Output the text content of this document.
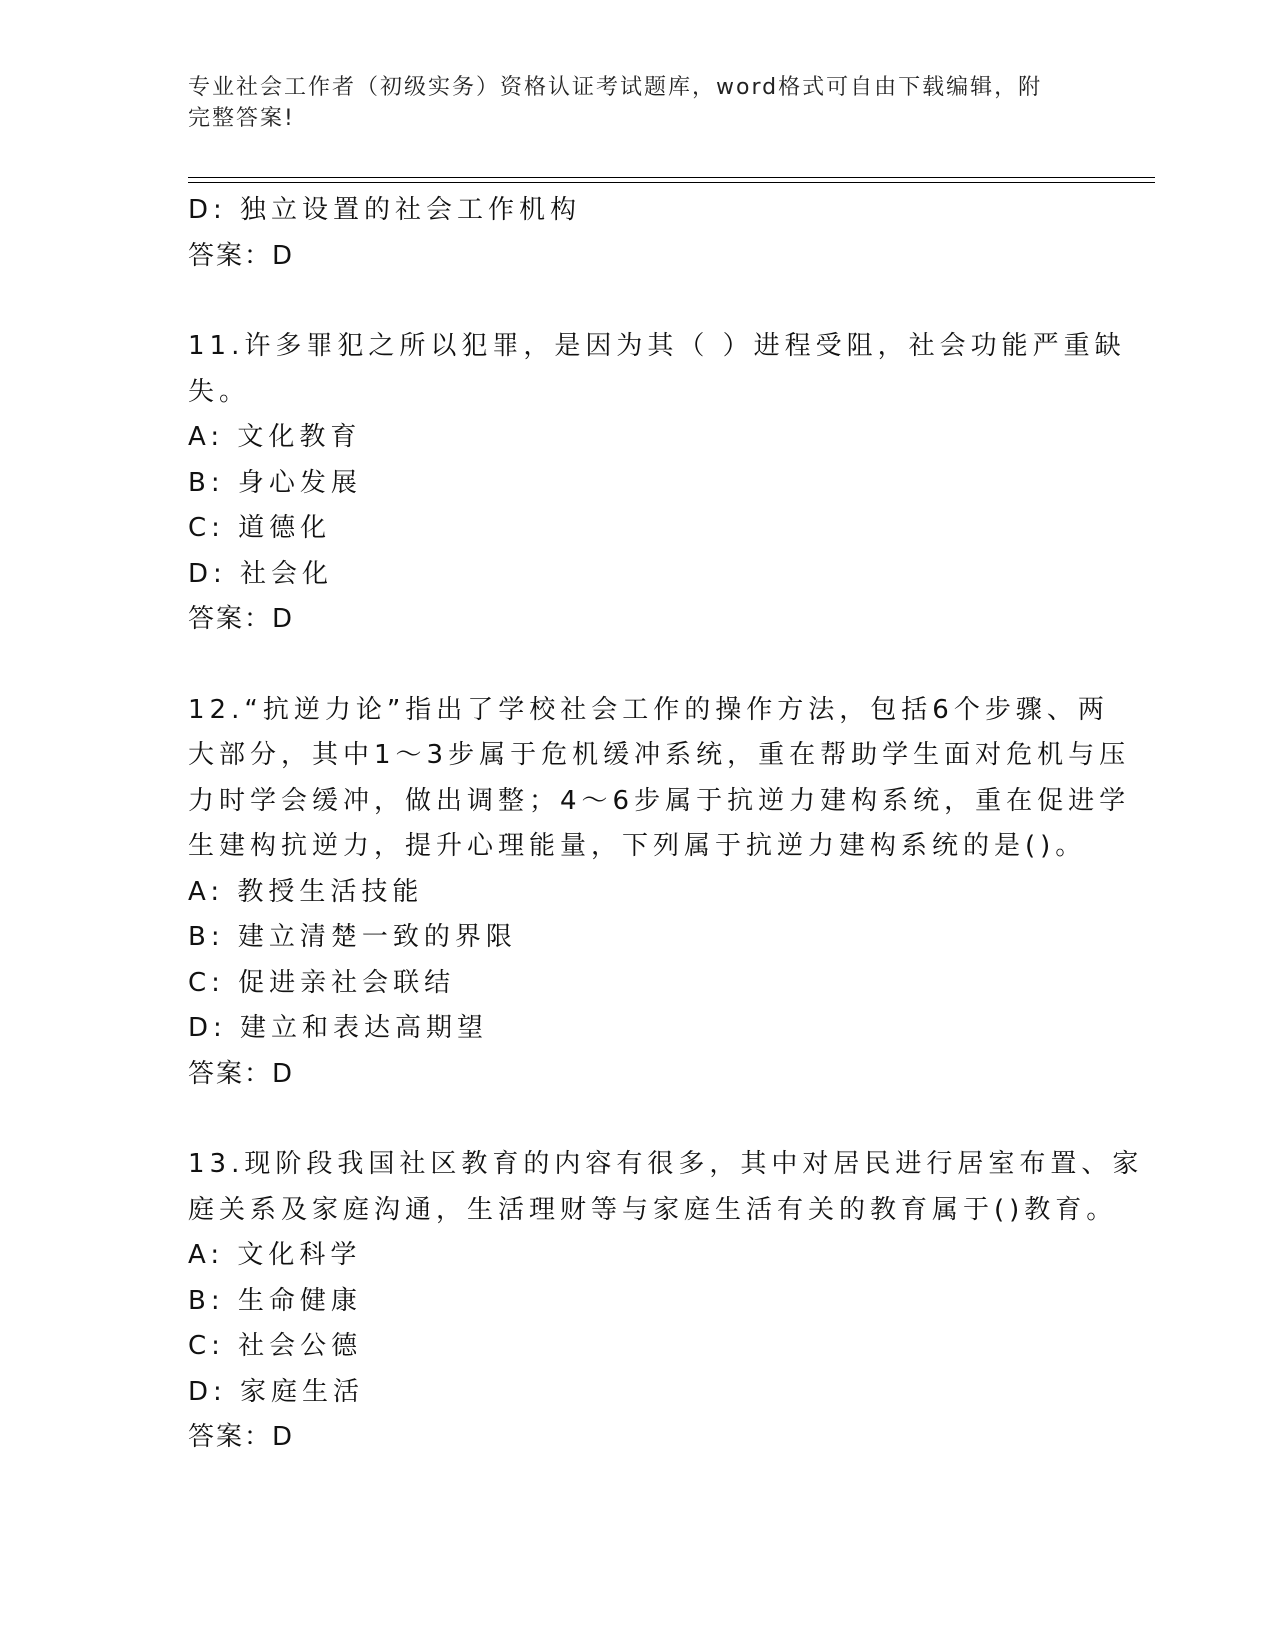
专业社会工作者（初级实务）资格认证考试题库，word格式可自由下载编辑，附
完整答案!
D: 独立设置的社会工作机构
答案：D
11.许多罪犯之所以犯罪，是因为其（ ）进程受阻，社会功能严重缺
失。
A: 文化教育
B: 身心发展
C: 道德化
D: 社会化
答案：D
12.“抗逆力论”指出了学校社会工作的操作方法，包括6个步骤、两
大部分，其中1～3步属于危机缓冲系统，重在帮助学生面对危机与压
力时学会缓冲，做出调整；4～6步属于抗逆力建构系统，重在促进学
生建构抗逆力，提升心理能量，下列属于抗逆力建构系统的是()。
A: 教授生活技能
B: 建立清楚一致的界限
C: 促进亲社会联结
D: 建立和表达高期望
答案：D
13.现阶段我国社区教育的内容有很多，其中对居民进行居室布置、家
庭关系及家庭沟通，生活理财等与家庭生活有关的教育属于()教育。
A: 文化科学
B: 生命健康
C: 社会公德
D: 家庭生活
答案：D
